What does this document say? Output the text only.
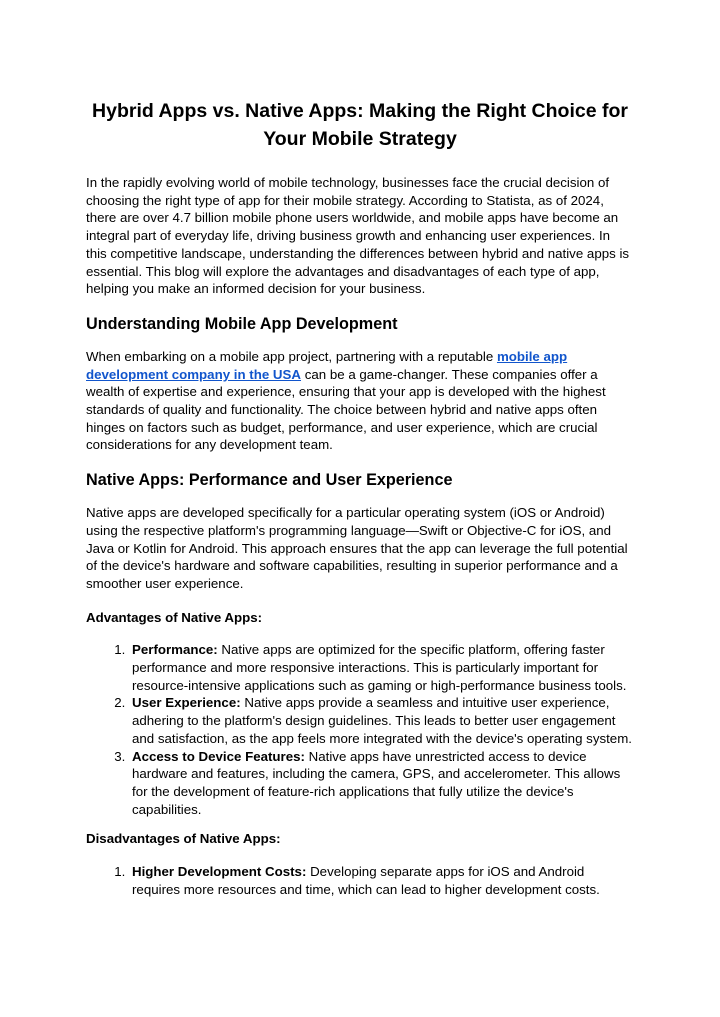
Hybrid Apps vs. Native Apps: Making the Right Choice for Your Mobile Strategy

In the rapidly evolving world of mobile technology, businesses face the crucial decision of choosing the right type of app for their mobile strategy. According to Statista, as of 2024, there are over 4.7 billion mobile phone users worldwide, and mobile apps have become an integral part of everyday life, driving business growth and enhancing user experiences. In this competitive landscape, understanding the differences between hybrid and native apps is essential. This blog will explore the advantages and disadvantages of each type of app, helping you make an informed decision for your business.

Understanding Mobile App Development

When embarking on a mobile app project, partnering with a reputable mobile app development company in the USA can be a game-changer. These companies offer a wealth of expertise and experience, ensuring that your app is developed with the highest standards of quality and functionality. The choice between hybrid and native apps often hinges on factors such as budget, performance, and user experience, which are crucial considerations for any development team.

Native Apps: Performance and User Experience

Native apps are developed specifically for a particular operating system (iOS or Android) using the respective platform's programming language—Swift or Objective-C for iOS, and Java or Kotlin for Android. This approach ensures that the app can leverage the full potential of the device's hardware and software capabilities, resulting in superior performance and a smoother user experience.

Advantages of Native Apps:

1. Performance: Native apps are optimized for the specific platform, offering faster performance and more responsive interactions. This is particularly important for resource-intensive applications such as gaming or high-performance business tools.
2. User Experience: Native apps provide a seamless and intuitive user experience, adhering to the platform's design guidelines. This leads to better user engagement and satisfaction, as the app feels more integrated with the device's operating system.
3. Access to Device Features: Native apps have unrestricted access to device hardware and features, including the camera, GPS, and accelerometer. This allows for the development of feature-rich applications that fully utilize the device's capabilities.

Disadvantages of Native Apps:

1. Higher Development Costs: Developing separate apps for iOS and Android requires more resources and time, which can lead to higher development costs.
